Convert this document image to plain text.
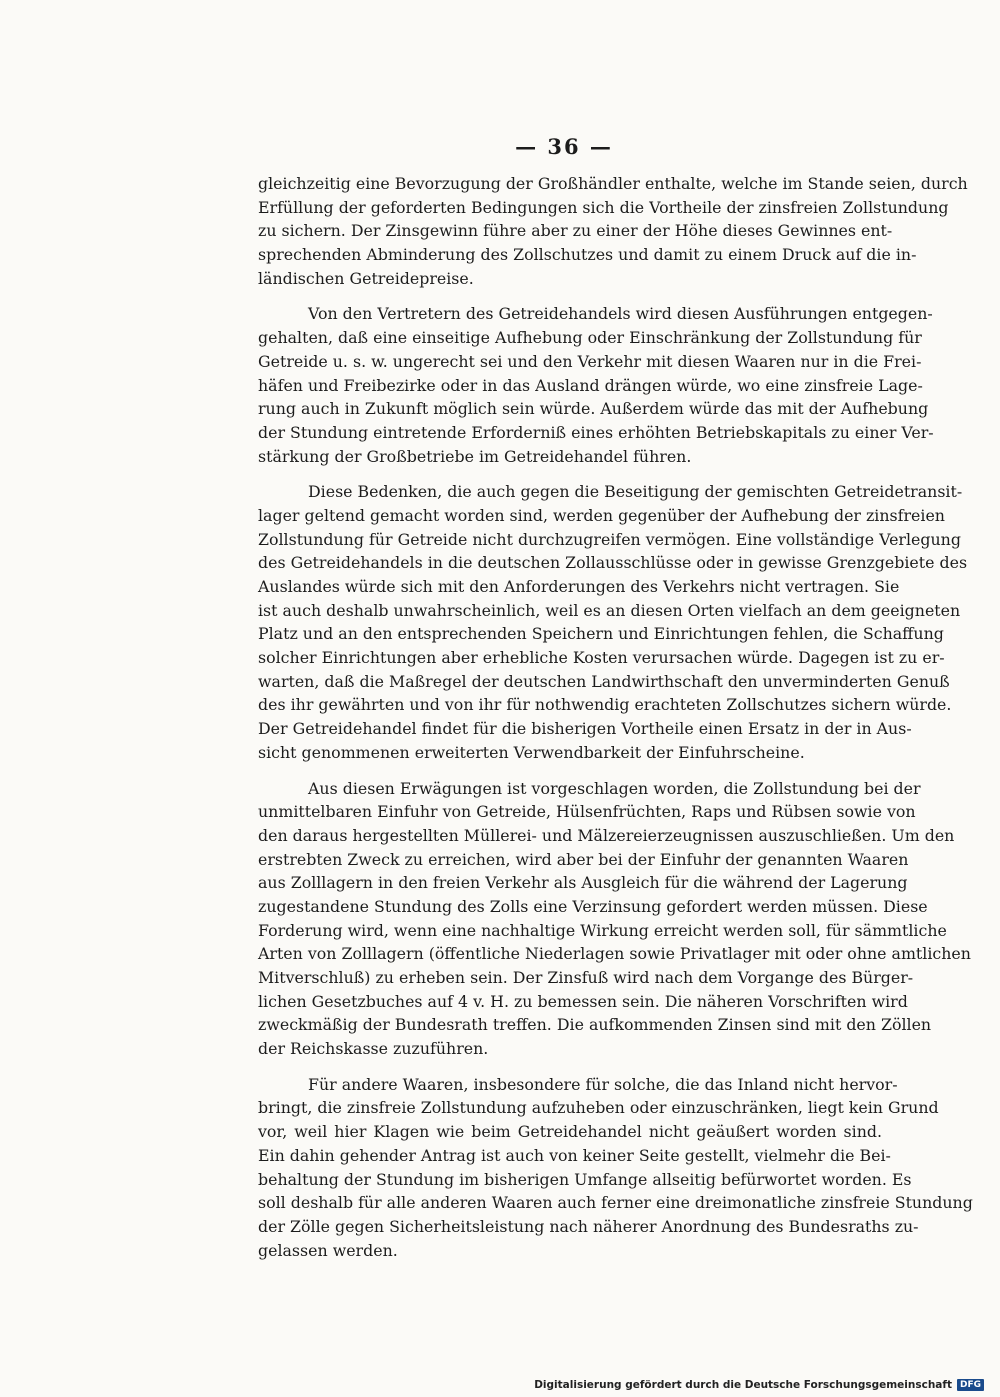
— 36 —
gleichzeitig eine Bevorzugung der Großhändler enthalte, welche im Stande seien, durch
Erfüllung der geforderten Bedingungen sich die Vortheile der zinsfreien Zollstundung
zu sichern. Der Zinsgewinn führe aber zu einer der Höhe dieses Gewinnes ent-
sprechenden Abminderung des Zollschutzes und damit zu einem Druck auf die in-
ländischen Getreidepreise.
Von den Vertretern des Getreidehandels wird diesen Ausführungen entgegen-
gehalten, daß eine einseitige Aufhebung oder Einschränkung der Zollstundung für
Getreide u. s. w. ungerecht sei und den Verkehr mit diesen Waaren nur in die Frei-
häfen und Freibezirke oder in das Ausland drängen würde, wo eine zinsfreie Lage-
rung auch in Zukunft möglich sein würde. Außerdem würde das mit der Aufhebung
der Stundung eintretende Erforderniß eines erhöhten Betriebskapitals zu einer Ver-
stärkung der Großbetriebe im Getreidehandel führen.
Diese Bedenken, die auch gegen die Beseitigung der gemischten Getreidetransit-
lager geltend gemacht worden sind, werden gegenüber der Aufhebung der zinsfreien
Zollstundung für Getreide nicht durchzugreifen vermögen. Eine vollständige Verlegung
des Getreidehandels in die deutschen Zollausschlüsse oder in gewisse Grenzgebiete des
Auslandes würde sich mit den Anforderungen des Verkehrs nicht vertragen. Sie
ist auch deshalb unwahrscheinlich, weil es an diesen Orten vielfach an dem geeigneten
Platz und an den entsprechenden Speichern und Einrichtungen fehlen, die Schaffung
solcher Einrichtungen aber erhebliche Kosten verursachen würde. Dagegen ist zu er-
warten, daß die Maßregel der deutschen Landwirthschaft den unverminderten Genuß
des ihr gewährten und von ihr für nothwendig erachteten Zollschutzes sichern würde.
Der Getreidehandel findet für die bisherigen Vortheile einen Ersatz in der in Aus-
sicht genommenen erweiterten Verwendbarkeit der Einfuhrscheine.
Aus diesen Erwägungen ist vorgeschlagen worden, die Zollstundung bei der
unmittelbaren Einfuhr von Getreide, Hülsenfrüchten, Raps und Rübsen sowie von
den daraus hergestellten Müllerei- und Mälzereierzeugnissen auszuschließen. Um den
erstrebten Zweck zu erreichen, wird aber bei der Einfuhr der genannten Waaren
aus Zolllagern in den freien Verkehr als Ausgleich für die während der Lagerung
zugestandene Stundung des Zolls eine Verzinsung gefordert werden müssen. Diese
Forderung wird, wenn eine nachhaltige Wirkung erreicht werden soll, für sämmtliche
Arten von Zolllagern (öffentliche Niederlagen sowie Privatlager mit oder ohne amtlichen
Mitverschluß) zu erheben sein. Der Zinsfuß wird nach dem Vorgange des Bürger-
lichen Gesetzbuches auf 4 v. H. zu bemessen sein. Die näheren Vorschriften wird
zweckmäßig der Bundesrath treffen. Die aufkommenden Zinsen sind mit den Zöllen
der Reichskasse zuzuführen.
Für andere Waaren, insbesondere für solche, die das Inland nicht hervor-
bringt, die zinsfreie Zollstundung aufzuheben oder einzuschränken, liegt kein Grund
vor, weil hier Klagen wie beim Getreidehandel nicht geäußert worden sind.
Ein dahin gehender Antrag ist auch von keiner Seite gestellt, vielmehr die Bei-
behaltung der Stundung im bisherigen Umfange allseitig befürwortet worden. Es
soll deshalb für alle anderen Waaren auch ferner eine dreimonatliche zinsfreie Stundung
der Zölle gegen Sicherheitsleistung nach näherer Anordnung des Bundesraths zu-
gelassen werden.
Digitalisierung gefördert durch die Deutsche Forschungsgemeinschaft DFG
